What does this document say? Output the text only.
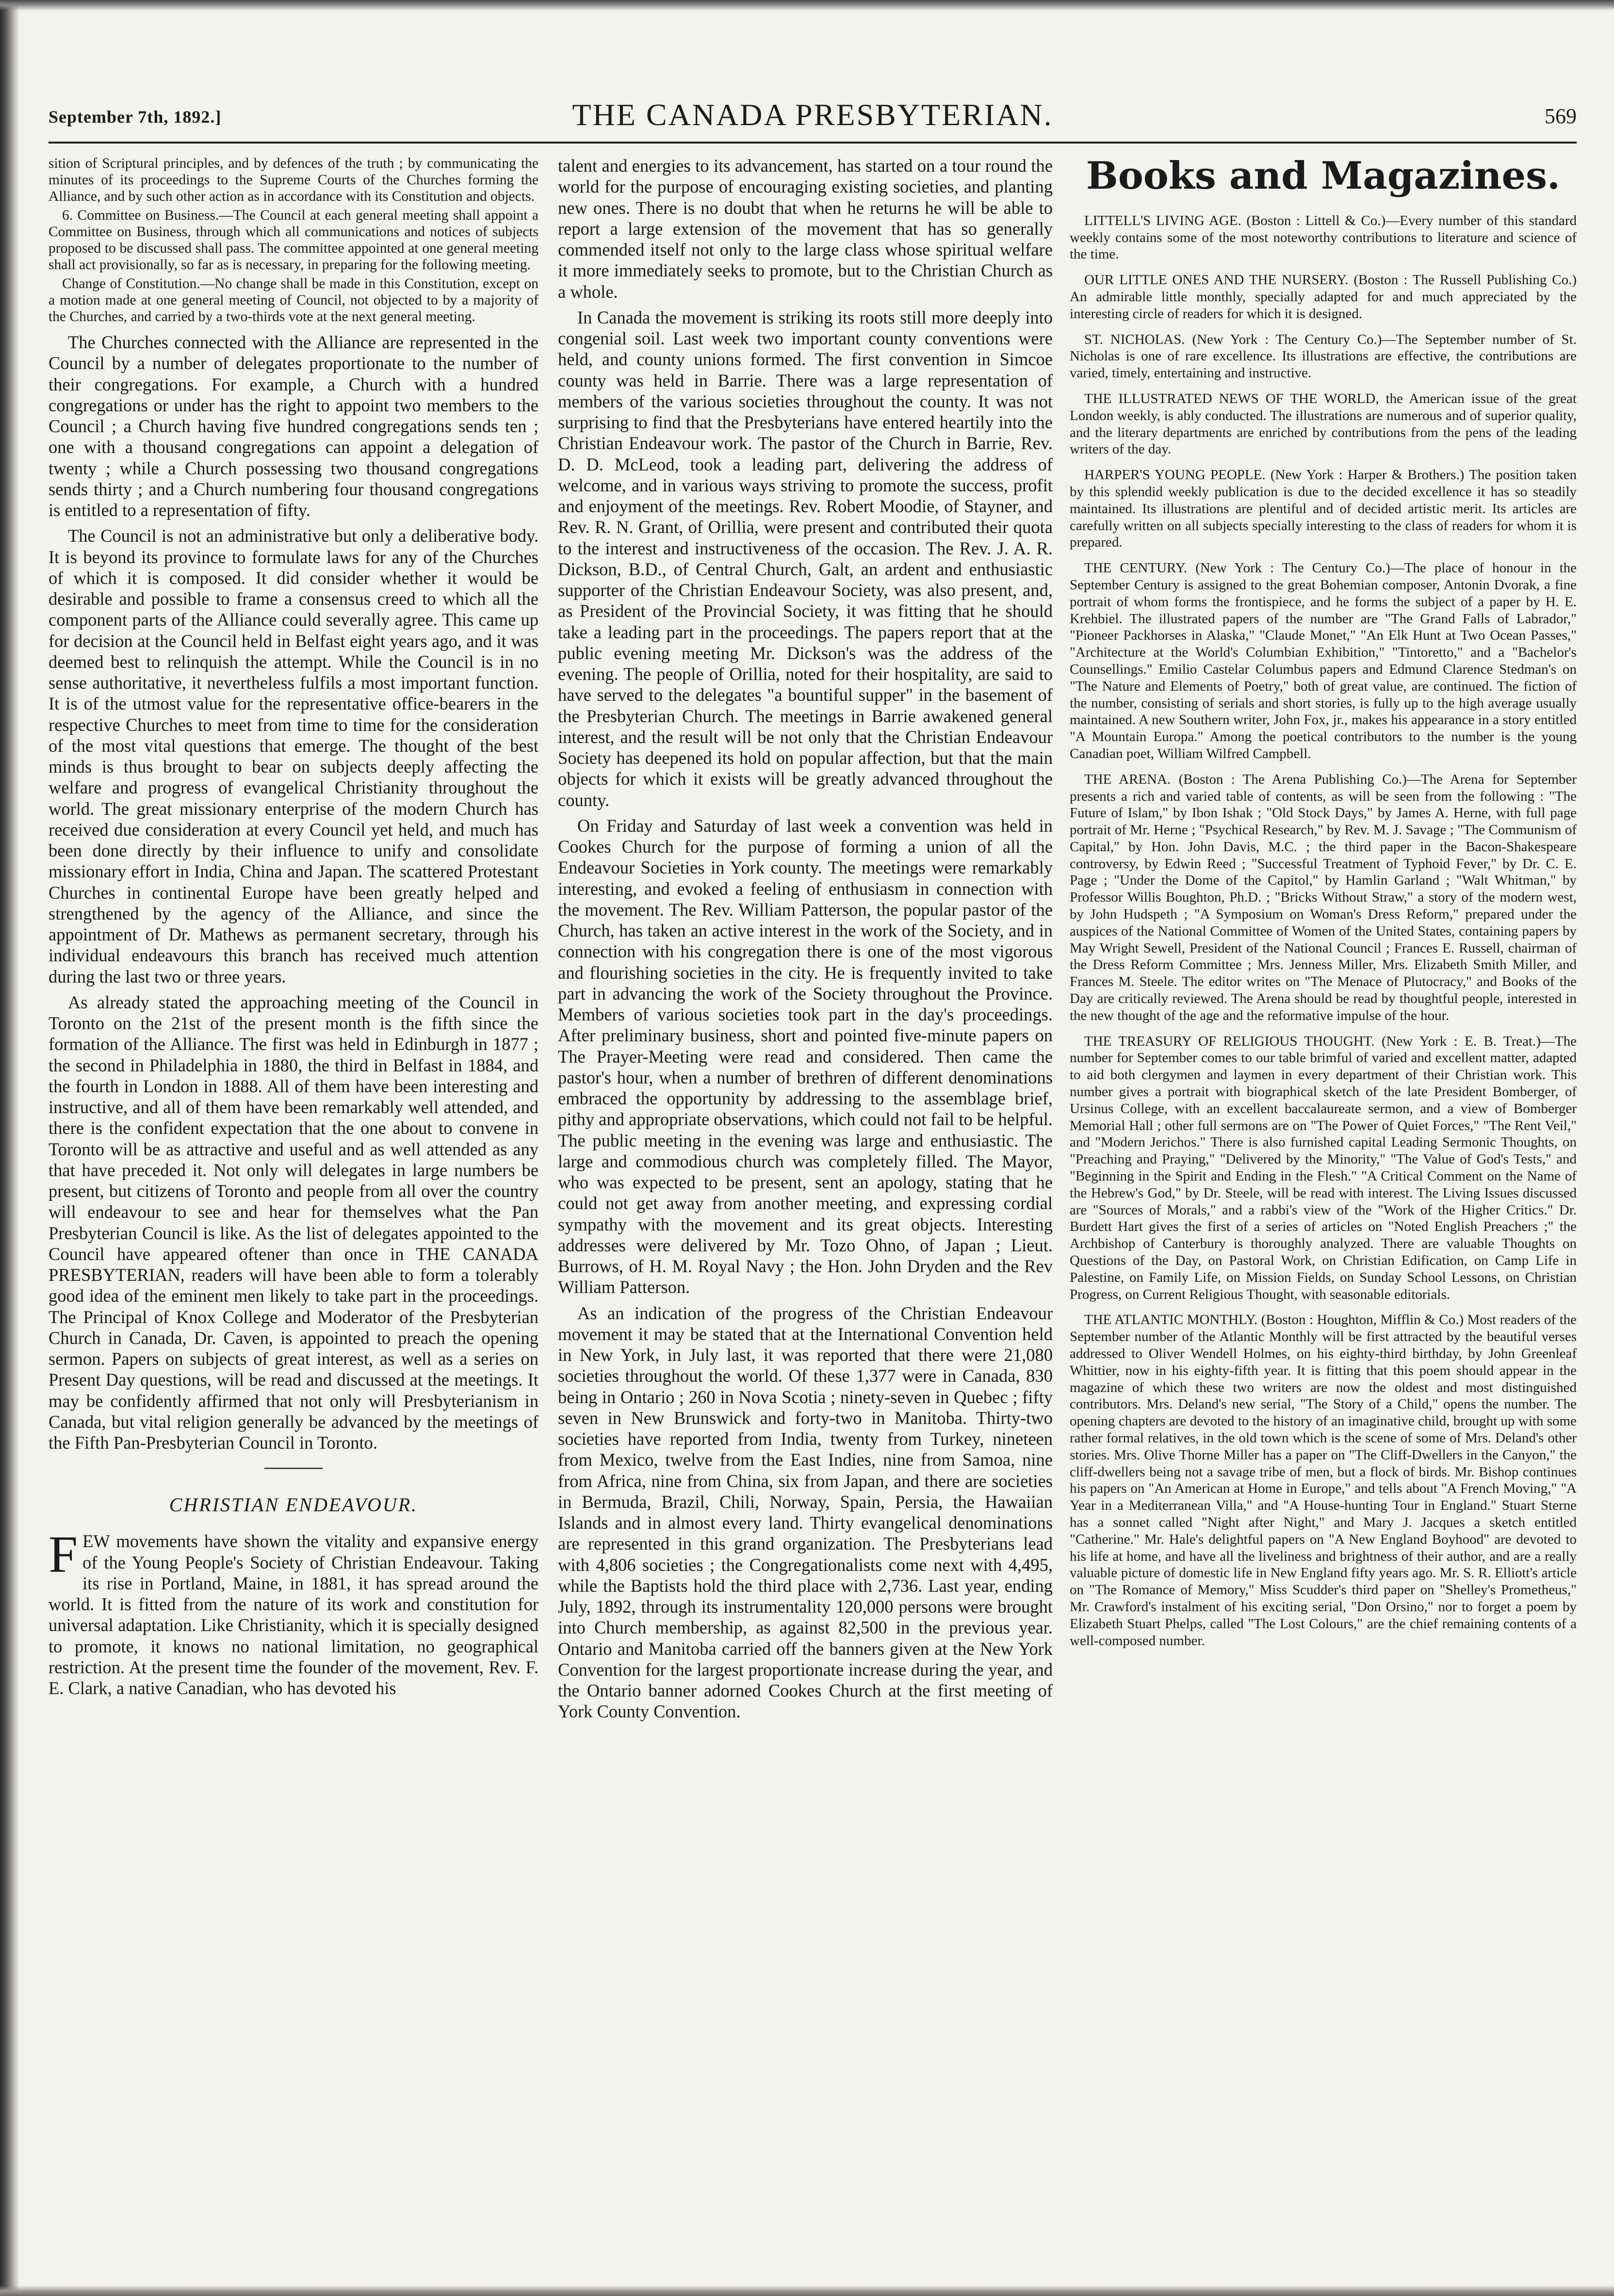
THE CANADA PRESBYTERIAN.
September 7th, 1892.]	569

sition of Scriptural principles, and by defences of the truth ; by communicating the minutes of its proceedings to the Supreme Courts of the Churches forming the Alliance, and by such other action as in accordance with its Constitution and objects.

6. Committee on Business.—The Council at each general meeting shall appoint a Committee on Business, through which all communications and notices of subjects proposed to be discussed shall pass. The committee appointed at one general meeting shall act provisionally, so far as is necessary, in preparing for the following meeting.

Change of Constitution.—No change shall be made in this Constitution, except on a motion made at one general meeting of Council, not objected to by a majority of the Churches, and carried by a two-thirds vote at the next general meeting.

The Churches connected with the Alliance are represented in the Council by a number of delegates proportionate to the number of their congregations. For example, a Church with a hundred congregations or under has the right to appoint two members to the Council ; a Church having five hundred congregations sends ten ; one with a thousand congregations can appoint a delegation of twenty ; while a Church possessing two thousand congregations sends thirty ; and a Church numbering four thousand congregations is entitled to a representation of fifty.

The Council is not an administrative but only a deliberative body. It is beyond its province to formulate laws for any of the Churches of which it is composed. It did consider whether it would be desirable and possible to frame a consensus creed to which all the component parts of the Alliance could severally agree. This came up for decision at the Council held in Belfast eight years ago, and it was deemed best to relinquish the attempt. While the Council is in no sense authoritative, it nevertheless fulfils a most important function. It is of the utmost value for the representative office-bearers in the respective Churches to meet from time to time for the consideration of the most vital questions that emerge. The thought of the best minds is thus brought to bear on subjects deeply affecting the welfare and progress of evangelical Christianity throughout the world. The great missionary enterprise of the modern Church has received due consideration at every Council yet held, and much has been done directly by their influence to unify and consolidate missionary effort in India, China and Japan. The scattered Protestant Churches in continental Europe have been greatly helped and strengthened by the agency of the Alliance, and since the appointment of Dr. Mathews as permanent secretary, through his individual endeavours this branch has received much attention during the last two or three years.

As already stated the approaching meeting of the Council in Toronto on the 21st of the present month is the fifth since the formation of the Alliance. The first was held in Edinburgh in 1877 ; the second in Philadelphia in 1880, the third in Belfast in 1884, and the fourth in London in 1888. All of them have been interesting and instructive, and all of them have been remarkably well attended, and there is the confident expectation that the one about to convene in Toronto will be as attractive and useful and as well attended as any that have preceded it. Not only will delegates in large numbers be present, but citizens of Toronto and people from all over the country will endeavour to see and hear for themselves what the Pan Presbyterian Council is like. As the list of delegates appointed to the Council have appeared oftener than once in THE CANADA PRESBYTERIAN, readers will have been able to form a tolerably good idea of the eminent men likely to take part in the proceedings. The Principal of Knox College and Moderator of the Presbyterian Church in Canada, Dr. Caven, is appointed to preach the opening sermon. Papers on subjects of great interest, as well as a series on Present Day questions, will be read and discussed at the meetings. It may be confidently affirmed that not only will Presbyterianism in Canada, but vital religion generally be advanced by the meetings of the Fifth Pan-Presbyterian Council in Toronto.

CHRISTIAN ENDEAVOUR.

F EW movements have shown the vitality and expansive energy of the Young People's Society of Christian Endeavour. Taking its rise in Portland, Maine, in 1881, it has spread around the world. It is fitted from the nature of its work and constitution for universal adaptation. Like Christianity, which it is specially designed to promote, it knows no national limitation, no geographical restriction. At the present time the founder of the movement, Rev. F. E. Clark, a native Canadian, who has devoted his

talent and energies to its advancement, has started on a tour round the world for the purpose of encouraging existing societies, and planting new ones. There is no doubt that when he returns he will be able to report a large extension of the movement that has so generally commended itself not only to the large class whose spiritual welfare it more immediately seeks to promote, but to the Christian Church as a whole.

In Canada the movement is striking its roots still more deeply into congenial soil. Last week two important county conventions were held, and county unions formed. The first convention in Simcoe county was held in Barrie. There was a large representation of members of the various societies throughout the county. It was not surprising to find that the Presbyterians have entered heartily into the Christian Endeavour work. The pastor of the Church in Barrie, Rev. D. D. McLeod, took a leading part, delivering the address of welcome, and in various ways striving to promote the success, profit and enjoyment of the meetings. Rev. Robert Moodie, of Stayner, and Rev. R. N. Grant, of Orillia, were present and contributed their quota to the interest and instructiveness of the occasion. The Rev. J. A. R. Dickson, B.D., of Central Church, Galt, an ardent and enthusiastic supporter of the Christian Endeavour Society, was also present, and, as President of the Provincial Society, it was fitting that he should take a leading part in the proceedings. The papers report that at the public evening meeting Mr. Dickson's was the address of the evening. The people of Orillia, noted for their hospitality, are said to have served to the delegates "a bountiful supper" in the basement of the Presbyterian Church. The meetings in Barrie awakened general interest, and the result will be not only that the Christian Endeavour Society has deepened its hold on popular affection, but that the main objects for which it exists will be greatly advanced throughout the county.

On Friday and Saturday of last week a convention was held in Cookes Church for the purpose of forming a union of all the Endeavour Societies in York county. The meetings were remarkably interesting, and evoked a feeling of enthusiasm in connection with the movement. The Rev. William Patterson, the popular pastor of the Church, has taken an active interest in the work of the Society, and in connection with his congregation there is one of the most vigorous and flourishing societies in the city. He is frequently invited to take part in advancing the work of the Society throughout the Province. Members of various societies took part in the day's proceedings. After preliminary business, short and pointed five-minute papers on The Prayer-Meeting were read and considered. Then came the pastor's hour, when a number of brethren of different denominations embraced the opportunity by addressing to the assemblage brief, pithy and appropriate observations, which could not fail to be helpful. The public meeting in the evening was large and enthusiastic. The large and commodious church was completely filled. The Mayor, who was expected to be present, sent an apology, stating that he could not get away from another meeting, and expressing cordial sympathy with the movement and its great objects. Interesting addresses were delivered by Mr. Tozo Ohno, of Japan ; Lieut. Burrows, of H. M. Royal Navy ; the Hon. John Dryden and the Rev William Patterson.

As an indication of the progress of the Christian Endeavour movement it may be stated that at the International Convention held in New York, in July last, it was reported that there were 21,080 societies throughout the world. Of these 1,377 were in Canada, 830 being in Ontario ; 260 in Nova Scotia ; ninety-seven in Quebec ; fifty seven in New Brunswick and forty-two in Manitoba. Thirty-two societies have reported from India, twenty from Turkey, nineteen from Mexico, twelve from the East Indies, nine from Samoa, nine from Africa, nine from China, six from Japan, and there are societies in Bermuda, Brazil, Chili, Norway, Spain, Persia, the Hawaiian Islands and in almost every land. Thirty evangelical denominations are represented in this grand organization. The Presbyterians lead with 4,806 societies ; the Congregationalists come next with 4,495, while the Baptists hold the third place with 2,736. Last year, ending July, 1892, through its instrumentality 120,000 persons were brought into Church membership, as against 82,500 in the previous year. Ontario and Manitoba carried off the banners given at the New York Convention for the largest proportionate increase during the year, and the Ontario banner adorned Cookes Church at the first meeting of York County Convention.

Books and Magazines.

LITTELL'S LIVING AGE. (Boston : Littell & Co.)—Every number of this standard weekly contains some of the most noteworthy contributions to literature and science of the time.

OUR LITTLE ONES AND THE NURSERY. (Boston : The Russell Publishing Co.) An admirable little monthly, specially adapted for and much appreciated by the interesting circle of readers for which it is designed.

ST. NICHOLAS. (New York : The Century Co.)—The September number of St. Nicholas is one of rare excellence. Its illustrations are effective, the contributions are varied, timely, entertaining and instructive.

THE ILLUSTRATED NEWS OF THE WORLD, the American issue of the great London weekly, is ably conducted. The illustrations are numerous and of superior quality, and the literary departments are enriched by contributions from the pens of the leading writers of the day.

HARPER'S YOUNG PEOPLE. (New York : Harper & Brothers.) The position taken by this splendid weekly publication is due to the decided excellence it has so steadily maintained. Its illustrations are plentiful and of decided artistic merit. Its articles are carefully written on all subjects specially interesting to the class of readers for whom it is prepared.

THE CENTURY. (New York : The Century Co.)—The place of honour in the September Century is assigned to the great Bohemian composer, Antonin Dvorak, a fine portrait of whom forms the frontispiece, and he forms the subject of a paper by H. E. Krehbiel. The illustrated papers of the number are "The Grand Falls of Labrador," "Pioneer Packhorses in Alaska," "Claude Monet," "An Elk Hunt at Two Ocean Passes," "Architecture at the World's Columbian Exhibition," "Tintoretto," and a "Bachelor's Counsellings." Emilio Castelar Columbus papers and Edmund Clarence Stedman's on "The Nature and Elements of Poetry," both of great value, are continued. The fiction of the number, consisting of serials and short stories, is fully up to the high average usually maintained. A new Southern writer, John Fox, jr., makes his appearance in a story entitled "A Mountain Europa." Among the poetical contributors to the number is the young Canadian poet, William Wilfred Campbell.

THE ARENA. (Boston : The Arena Publishing Co.)—The Arena for September presents a rich and varied table of contents, as will be seen from the following : "The Future of Islam," by Ibon Ishak ; "Old Stock Days," by James A. Herne, with full page portrait of Mr. Herne ; "Psychical Research," by Rev. M. J. Savage ; "The Communism of Capital," by Hon. John Davis, M.C. ; the third paper in the Bacon-Shakespeare controversy, by Edwin Reed ; "Successful Treatment of Typhoid Fever," by Dr. C. E. Page ; "Under the Dome of the Capitol," by Hamlin Garland ; "Walt Whitman," by Professor Willis Boughton, Ph.D. ; "Bricks Without Straw," a story of the modern west, by John Hudspeth ; "A Symposium on Woman's Dress Reform," prepared under the auspices of the National Committee of Women of the United States, containing papers by May Wright Sewell, President of the National Council ; Frances E. Russell, chairman of the Dress Reform Committee ; Mrs. Jenness Miller, Mrs. Elizabeth Smith Miller, and Frances M. Steele. The editor writes on "The Menace of Plutocracy," and Books of the Day are critically reviewed. The Arena should be read by thoughtful people, interested in the new thought of the age and the reformative impulse of the hour.

THE TREASURY OF RELIGIOUS THOUGHT. (New York : E. B. Treat.)—The number for September comes to our table brimful of varied and excellent matter, adapted to aid both clergymen and laymen in every department of their Christian work. This number gives a portrait with biographical sketch of the late President Bomberger, of Ursinus College, with an excellent baccalaureate sermon, and a view of Bomberger Memorial Hall ; other full sermons are on "The Power of Quiet Forces," "The Rent Veil," and "Modern Jerichos." There is also furnished capital Leading Sermonic Thoughts, on "Preaching and Praying," "Delivered by the Minority," "The Value of God's Tests," and "Beginning in the Spirit and Ending in the Flesh." "A Critical Comment on the Name of the Hebrew's God," by Dr. Steele, will be read with interest. The Living Issues discussed are "Sources of Morals," and a rabbi's view of the "Work of the Higher Critics." Dr. Burdett Hart gives the first of a series of articles on "Noted English Preachers ;" the Archbishop of Canterbury is thoroughly analyzed. There are valuable Thoughts on Questions of the Day, on Pastoral Work, on Christian Edification, on Camp Life in Palestine, on Family Life, on Mission Fields, on Sunday School Lessons, on Christian Progress, on Current Religious Thought, with seasonable editorials.

THE ATLANTIC MONTHLY. (Boston : Houghton, Mifflin & Co.) Most readers of the September number of the Atlantic Monthly will be first attracted by the beautiful verses addressed to Oliver Wendell Holmes, on his eighty-third birthday, by John Greenleaf Whittier, now in his eighty-fifth year. It is fitting that this poem should appear in the magazine of which these two writers are now the oldest and most distinguished contributors. Mrs. Deland's new serial, "The Story of a Child," opens the number. The opening chapters are devoted to the history of an imaginative child, brought up with some rather formal relatives, in the old town which is the scene of some of Mrs. Deland's other stories. Mrs. Olive Thorne Miller has a paper on "The Cliff-Dwellers in the Canyon," the cliff-dwellers being not a savage tribe of men, but a flock of birds. Mr. Bishop continues his papers on "An American at Home in Europe," and tells about "A French Moving," "A Year in a Mediterranean Villa," and "A House-hunting Tour in England." Stuart Sterne has a sonnet called "Night after Night," and Mary J. Jacques a sketch entitled "Catherine." Mr. Hale's delightful papers on "A New England Boyhood" are devoted to his life at home, and have all the liveliness and brightness of their author, and are a really valuable picture of domestic life in New England fifty years ago. Mr. S. R. Elliott's article on "The Romance of Memory," Miss Scudder's third paper on "Shelley's Prometheus," Mr. Crawford's instalment of his exciting serial, "Don Orsino," nor to forget a poem by Elizabeth Stuart Phelps, called "The Lost Colours," are the chief remaining contents of a well-composed number.
